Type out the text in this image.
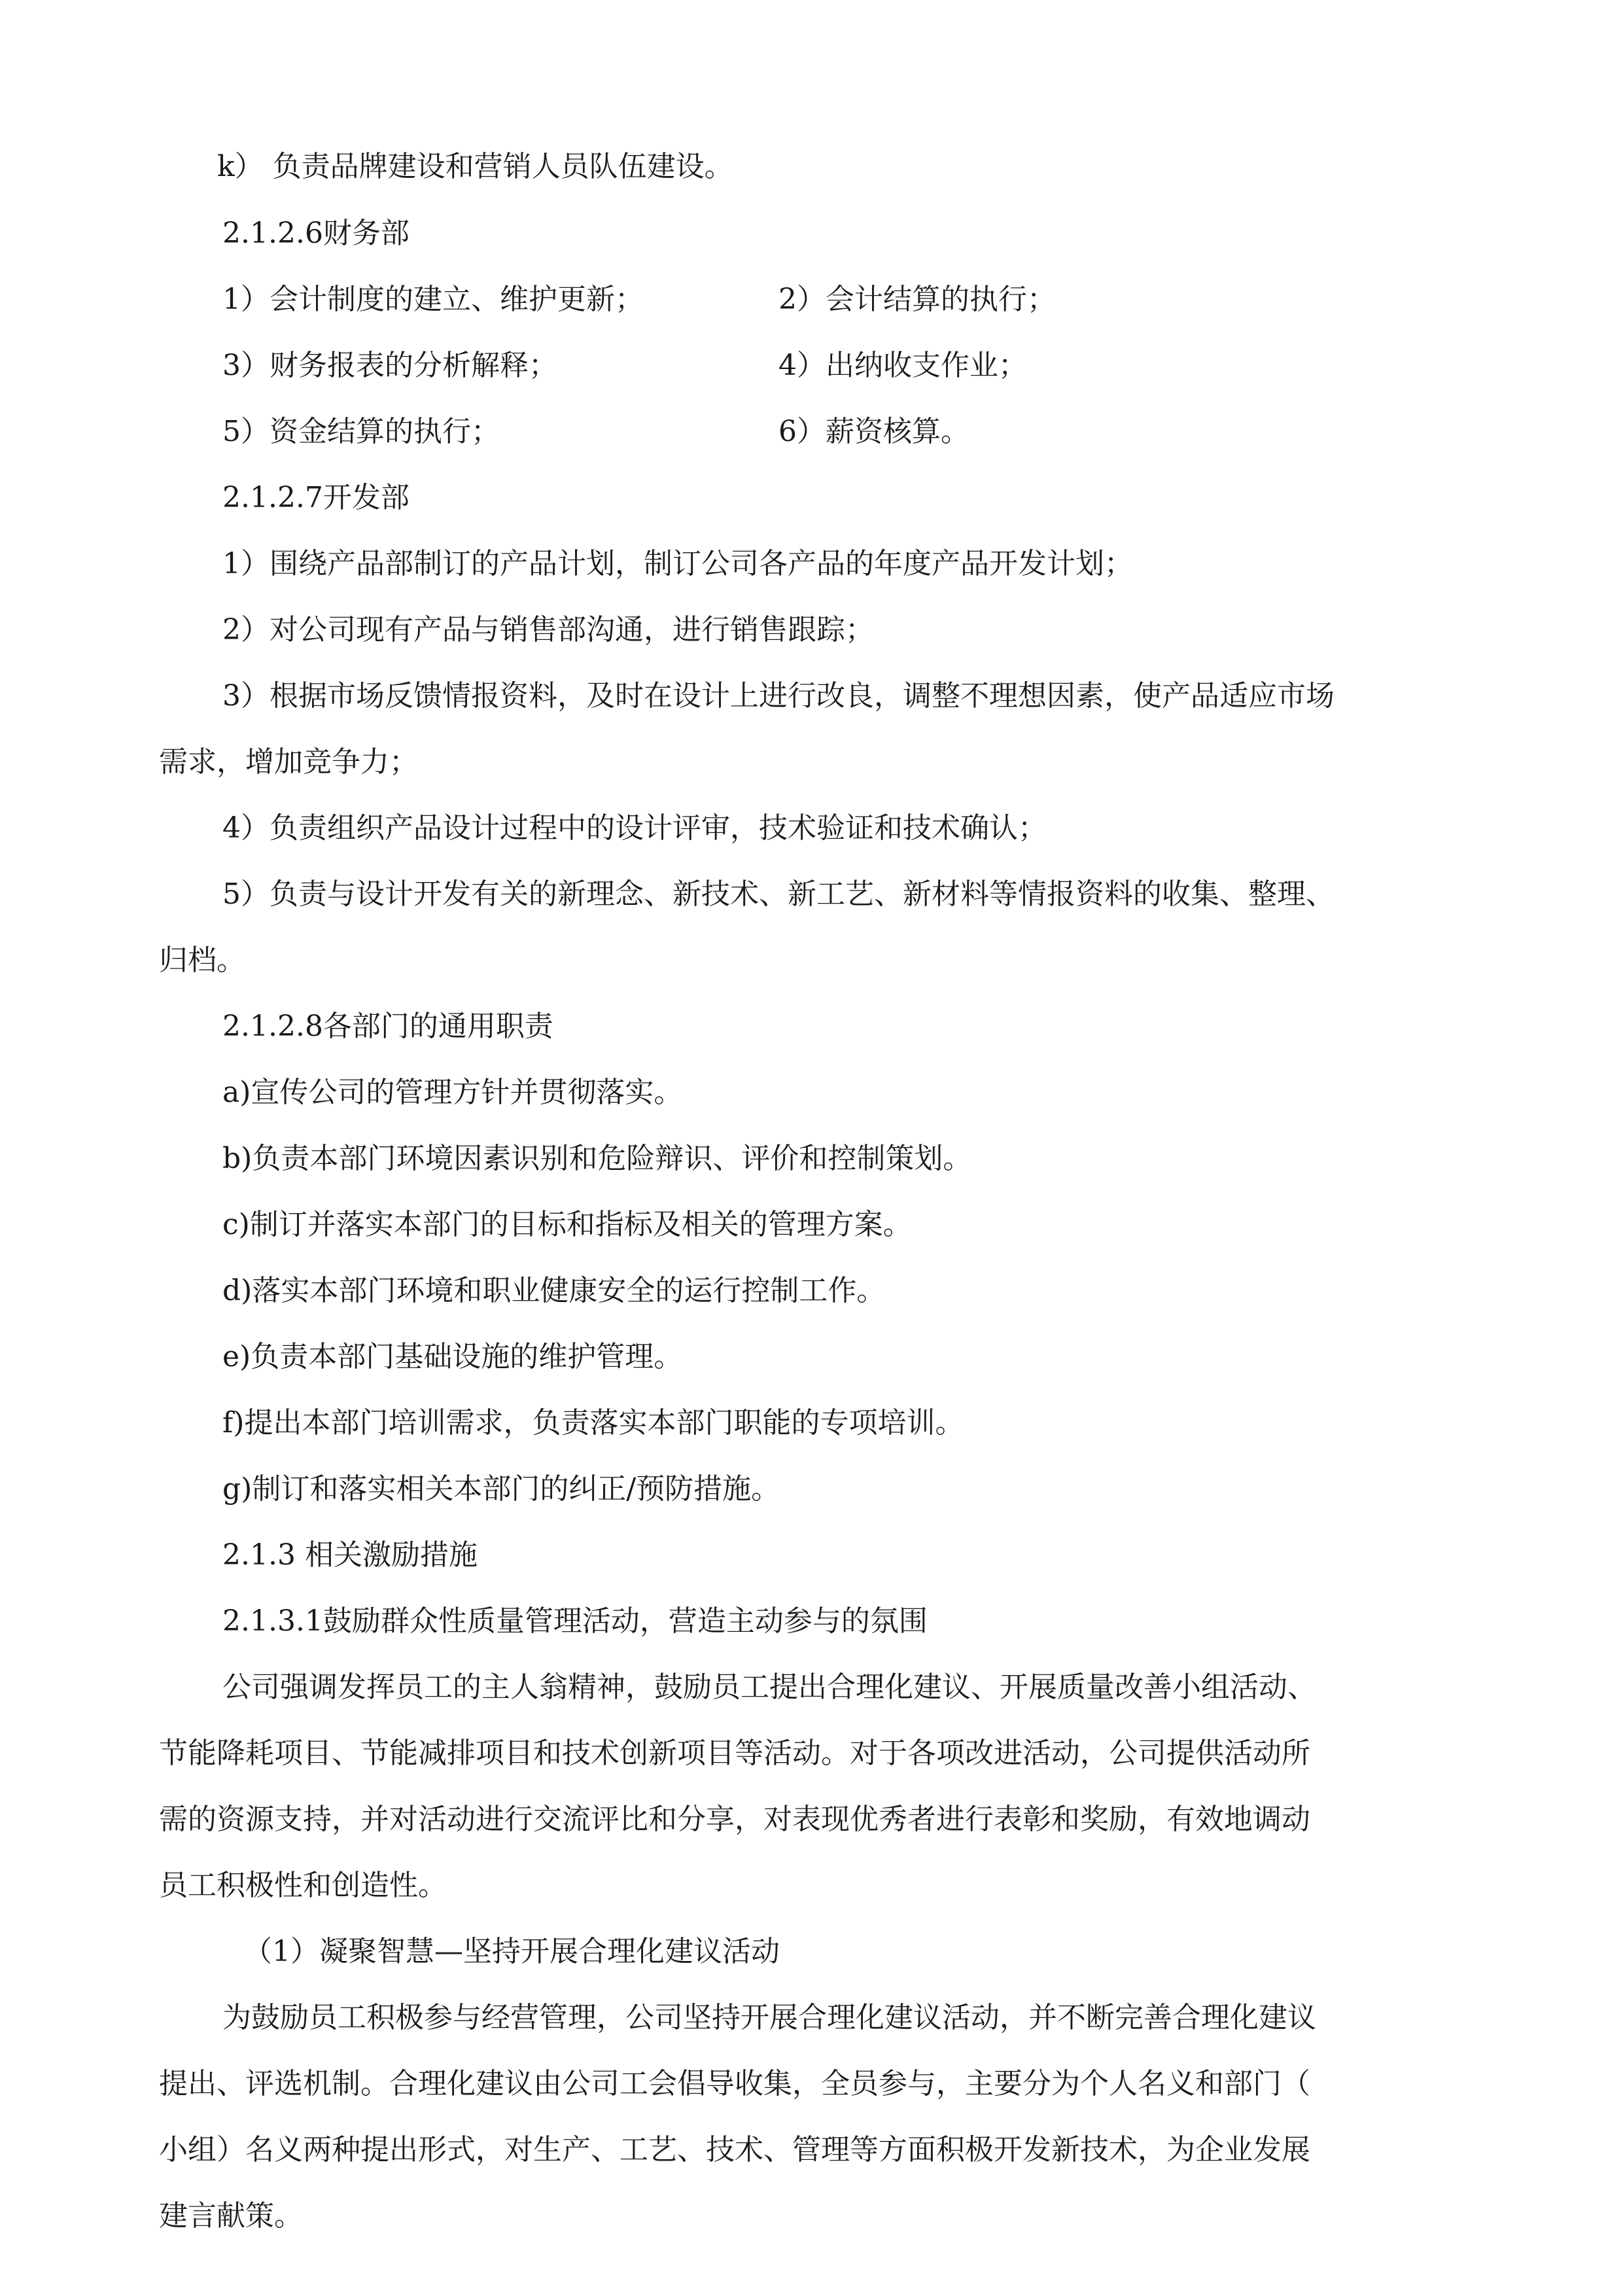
k） 负责品牌建设和营销人员队伍建设。
2.1.2.6财务部
1）会计制度的建立、维护更新；	2）会计结算的执行；
3）财务报表的分析解释；	4）出纳收支作业；
5）资金结算的执行；	6）薪资核算。
2.1.2.7开发部
1）围绕产品部制订的产品计划，制订公司各产品的年度产品开发计划；
2）对公司现有产品与销售部沟通，进行销售跟踪；
3）根据市场反馈情报资料，及时在设计上进行改良，调整不理想因素，使产品适应市场
需求，增加竞争力；
4）负责组织产品设计过程中的设计评审，技术验证和技术确认；
5）负责与设计开发有关的新理念、新技术、新工艺、新材料等情报资料的收集、整理、
归档。
2.1.2.8各部门的通用职责
a)宣传公司的管理方针并贯彻落实。
b)负责本部门环境因素识别和危险辩识、评价和控制策划。
c)制订并落实本部门的目标和指标及相关的管理方案。
d)落实本部门环境和职业健康安全的运行控制工作。
e)负责本部门基础设施的维护管理。
f)提出本部门培训需求，负责落实本部门职能的专项培训。
g)制订和落实相关本部门的纠正/预防措施。
2.1.3 相关激励措施
2.1.3.1鼓励群众性质量管理活动，营造主动参与的氛围
公司强调发挥员工的主人翁精神，鼓励员工提出合理化建议、开展质量改善小组活动、
节能降耗项目、节能减排项目和技术创新项目等活动。对于各项改进活动，公司提供活动所
需的资源支持，并对活动进行交流评比和分享，对表现优秀者进行表彰和奖励，有效地调动
员工积极性和创造性。
（1）凝聚智慧—坚持开展合理化建议活动
为鼓励员工积极参与经营管理，公司坚持开展合理化建议活动，并不断完善合理化建议
提出、评选机制。合理化建议由公司工会倡导收集，全员参与，主要分为个人名义和部门（
小组）名义两种提出形式，对生产、工艺、技术、管理等方面积极开发新技术，为企业发展
建言献策。
